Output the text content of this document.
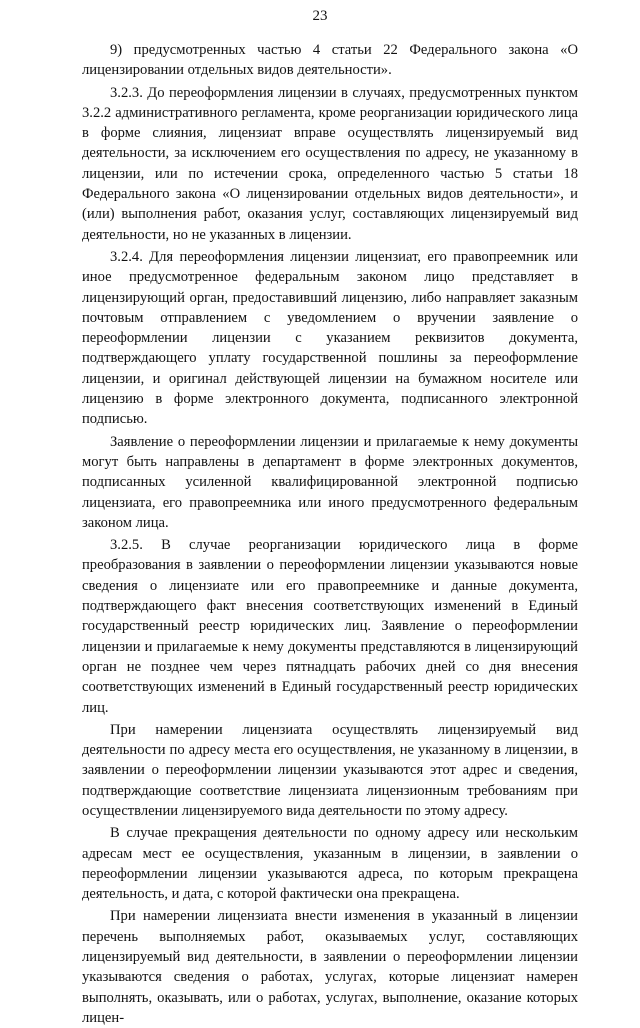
23

9) предусмотренных частью 4 статьи 22 Федерального закона «О лицензировании отдельных видов деятельности».

3.2.3. До переоформления лицензии в случаях, предусмотренных пунктом 3.2.2 административного регламента, кроме реорганизации юридического лица в форме слияния, лицензиат вправе осуществлять лицензируемый вид деятельности, за исключением его осуществления по адресу, не указанному в лицензии, или по истечении срока, определенного частью 5 статьи 18 Федерального закона «О лицензировании отдельных видов деятельности», и (или) выполнения работ, оказания услуг, составляющих лицензируемый вид деятельности, но не указанных в лицензии.

3.2.4. Для переоформления лицензии лицензиат, его правопреемник или иное предусмотренное федеральным законом лицо представляет в лицензирующий орган, предоставивший лицензию, либо направляет заказным почтовым отправлением с уведомлением о вручении заявление о переоформлении лицензии с указанием реквизитов документа, подтверждающего уплату государственной пошлины за переоформление лицензии, и оригинал действующей лицензии на бумажном носителе или лицензию в форме электронного документа, подписанного электронной подписью.

Заявление о переоформлении лицензии и прилагаемые к нему документы могут быть направлены в департамент в форме электронных документов, подписанных усиленной квалифицированной электронной подписью лицензиата, его правопреемника или иного предусмотренного федеральным законом лица.

3.2.5. В случае реорганизации юридического лица в форме преобразования в заявлении о переоформлении лицензии указываются новые сведения о лицензиате или его правопреемнике и данные документа, подтверждающего факт внесения соответствующих изменений в Единый государственный реестр юридических лиц. Заявление о переоформлении лицензии и прилагаемые к нему документы представляются в лицензирующий орган не позднее чем через пятнадцать рабочих дней со дня внесения соответствующих изменений в Единый государственный реестр юридических лиц.

При намерении лицензиата осуществлять лицензируемый вид деятельности по адресу места его осуществления, не указанному в лицензии, в заявлении о переоформлении лицензии указываются этот адрес и сведения, подтверждающие соответствие лицензиата лицензионным требованиям при осуществлении лицензируемого вида деятельности по этому адресу.

В случае прекращения деятельности по одному адресу или нескольким адресам мест ее осуществления, указанным в лицензии, в заявлении о переоформлении лицензии указываются адреса, по которым прекращена деятельность, и дата, с которой фактически она прекращена.

При намерении лицензиата внести изменения в указанный в лицензии перечень выполняемых работ, оказываемых услуг, составляющих лицензируемый вид деятельности, в заявлении о переоформлении лицензии указываются сведения о работах, услугах, которые лицензиат намерен выполнять, оказывать, или о работах, услугах, выполнение, оказание которых лицен-
